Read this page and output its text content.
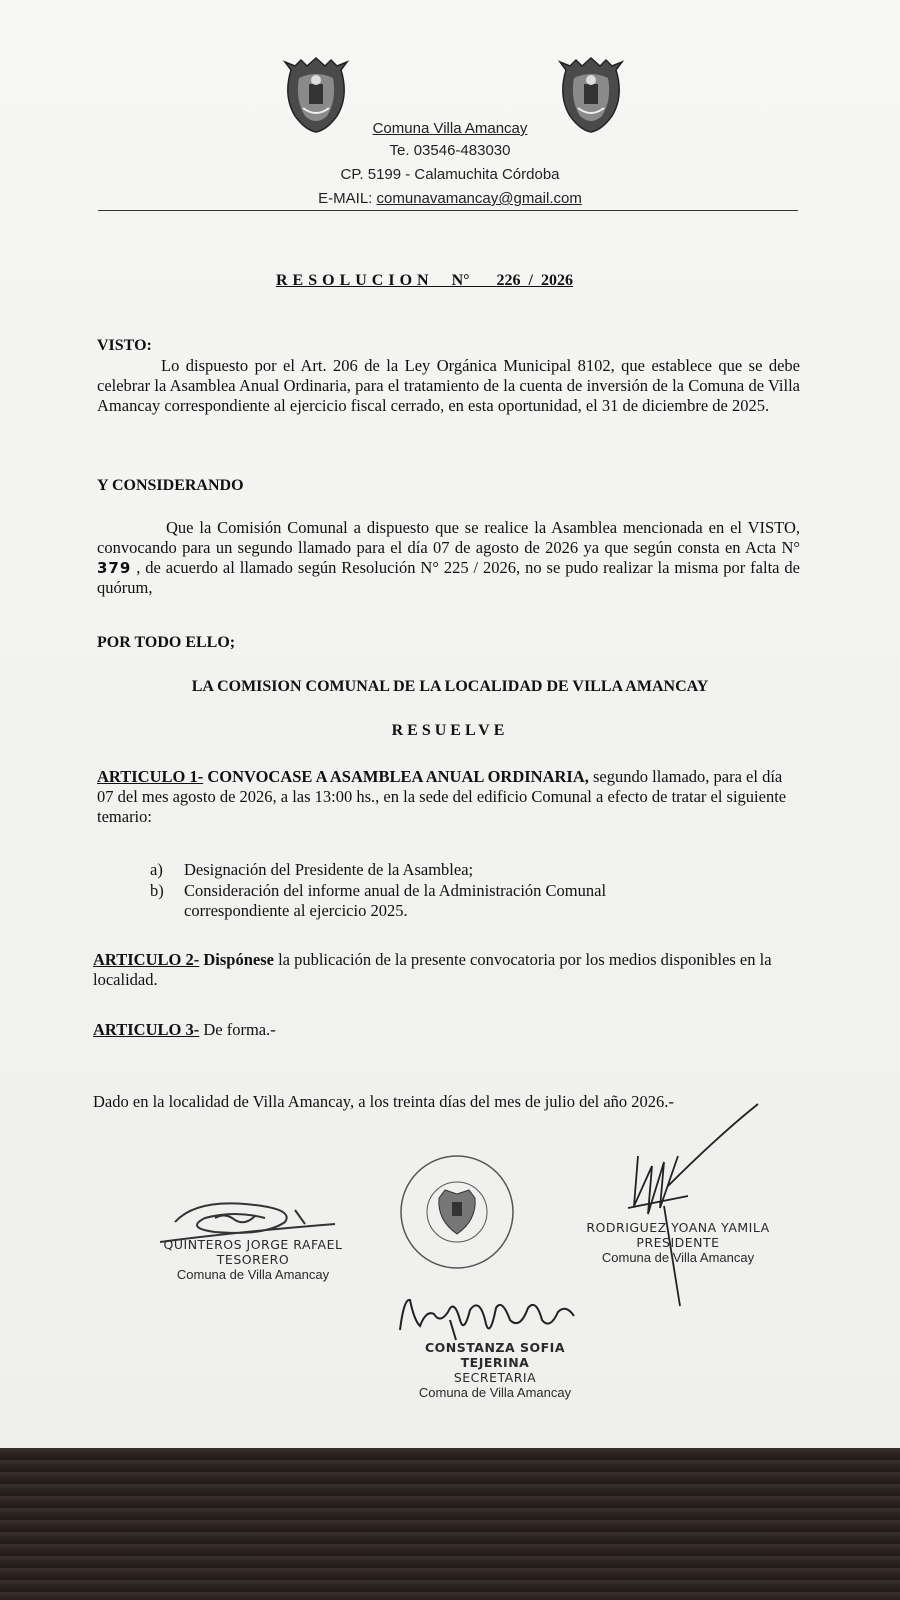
Comuna Villa Amancay
Te. 03546-483030
CP. 5199 - Calamuchita Córdoba
E-MAIL: comunavamancay@gmail.com
RESOLUCION N° 226 / 2026
VISTO:
Lo dispuesto por el Art. 206 de la Ley Orgánica Municipal 8102, que establece que se debe celebrar la Asamblea Anual Ordinaria, para el tratamiento de la cuenta de inversión de la Comuna de Villa Amancay correspondiente al ejercicio fiscal cerrado, en esta oportunidad, el 31 de diciembre de 2025.
Y CONSIDERANDO
Que la Comisión Comunal a dispuesto que se realice la Asamblea mencionada en el VISTO, convocando para un segundo llamado para el día 07 de agosto de 2026 ya que según consta en Acta N° 379 , de acuerdo al llamado según Resolución N° 225 / 2026, no se pudo realizar la misma por falta de quórum,
POR TODO ELLO;
LA COMISION COMUNAL DE LA LOCALIDAD DE VILLA AMANCAY
RESUELVE
ARTICULO 1- CONVOCASE A ASAMBLEA ANUAL ORDINARIA, segundo llamado, para el día 07 del mes agosto de 2026, a las 13:00 hs., en la sede del edificio Comunal a efecto de tratar el siguiente temario:
a)	Designación del Presidente de la Asamblea;
b)	Consideración del informe anual de la Administración Comunal correspondiente al ejercicio 2025.
ARTICULO 2- Dispónese la publicación de la presente convocatoria por los medios disponibles en la localidad.
ARTICULO 3- De forma.-
Dado en la localidad de Villa Amancay, a los treinta días del mes de julio del año 2026.-
QUINTEROS JORGE RAFAEL
TESORERO
Comuna de Villa Amancay
RODRIGUEZ YOANA YAMILA
PRESIDENTE
Comuna de Villa Amancay
CONSTANZA SOFIA TEJERINA
SECRETARIA
Comuna de Villa Amancay
